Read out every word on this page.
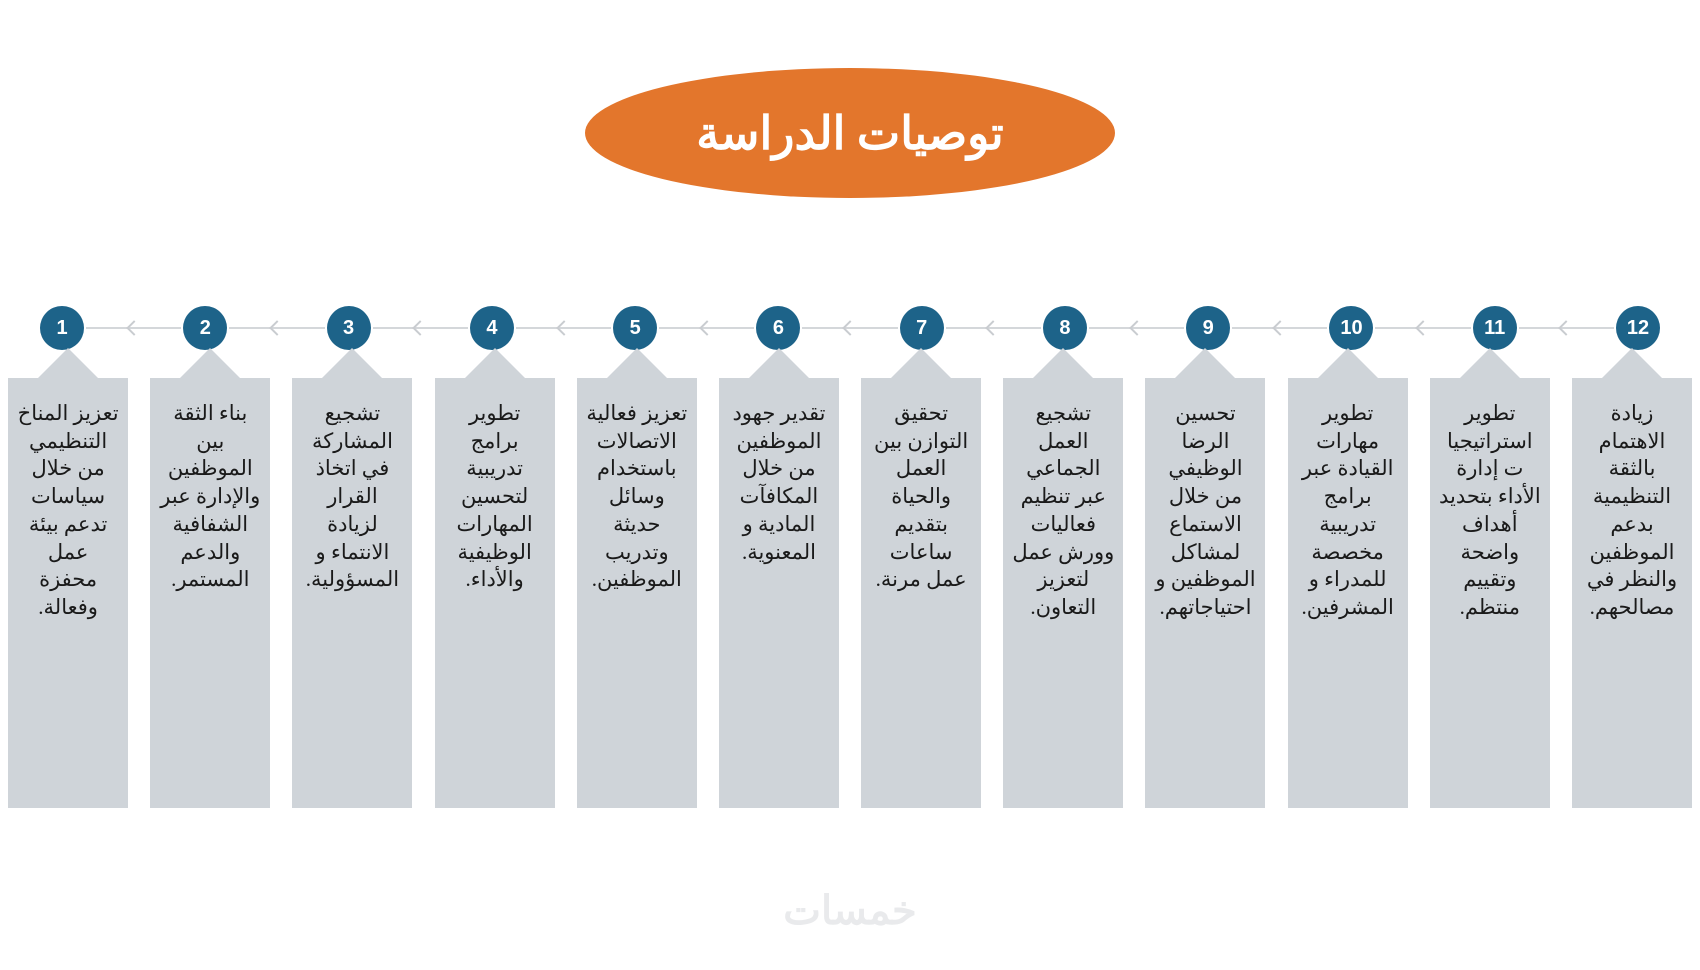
توصيات الدراسة
1	2	3	4	5	6	7	8	9	10	11	12
تعزيز المناخ التنظيمي من خلال سياسات تدعم بيئة عمل محفزة وفعالة.
بناء الثقة بين الموظفين والإدارة عبر الشفافية والدعم المستمر.
تشجيع المشاركة في اتخاذ القرار لزيادة الانتماء و المسؤولية.
تطوير برامج تدريبية لتحسين المهارات الوظيفية والأداء.
تعزيز فعالية الاتصالات باستخدام وسائل حديثة وتدريب الموظفين.
تقدير جهود الموظفين من خلال المكافآت المادية و المعنوية.
تحقيق التوازن بين العمل والحياة بتقديم ساعات عمل مرنة.
تشجيع العمل الجماعي عبر تنظيم فعاليات وورش عمل لتعزيز التعاون.
تحسين الرضا الوظيفي من خلال الاستماع لمشاكل الموظفين و احتياجاتهم.
تطوير مهارات القيادة عبر برامج تدريبية مخصصة للمدراء و المشرفين.
تطوير استراتيجيات إدارة الأداء بتحديد أهداف واضحة وتقييم منتظم.
زيادة الاهتمام بالثقة التنظيمية بدعم الموظفين والنظر في مصالحهم.
خمسات
